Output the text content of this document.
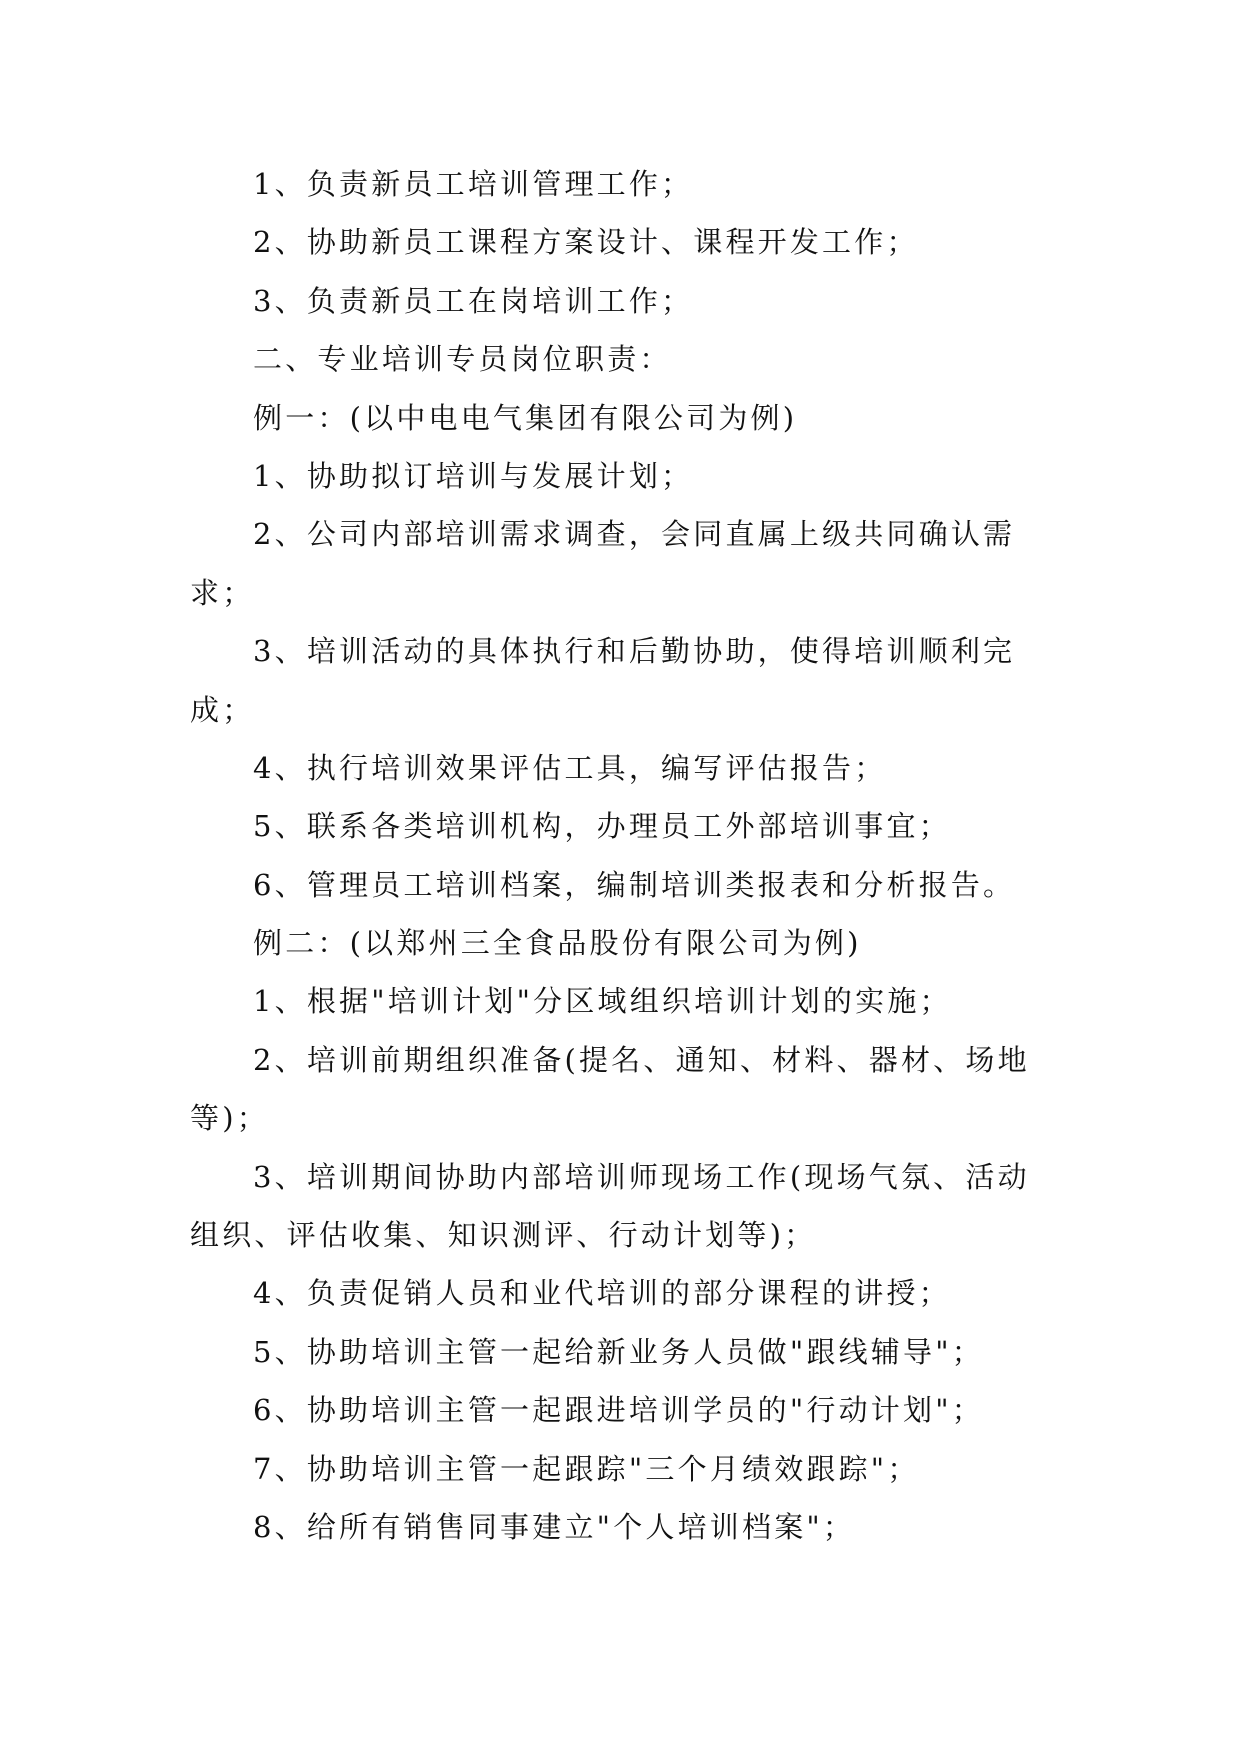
1、负责新员工培训管理工作；
2、协助新员工课程方案设计、课程开发工作；
3、负责新员工在岗培训工作；
二、专业培训专员岗位职责：
例一：(以中电电气集团有限公司为例)
1、协助拟订培训与发展计划；
2、公司内部培训需求调查，会同直属上级共同确认需
求；
3、培训活动的具体执行和后勤协助，使得培训顺利完
成；
4、执行培训效果评估工具，编写评估报告；
5、联系各类培训机构，办理员工外部培训事宜；
6、管理员工培训档案，编制培训类报表和分析报告。
例二：(以郑州三全食品股份有限公司为例)
1、根据"培训计划"分区域组织培训计划的实施；
2、培训前期组织准备(提名、通知、材料、器材、场地
等)；
3、培训期间协助内部培训师现场工作(现场气氛、活动
组织、评估收集、知识测评、行动计划等)；
4、负责促销人员和业代培训的部分课程的讲授；
5、协助培训主管一起给新业务人员做"跟线辅导"；
6、协助培训主管一起跟进培训学员的"行动计划"；
7、协助培训主管一起跟踪"三个月绩效跟踪"；
8、给所有销售同事建立"个人培训档案"；
